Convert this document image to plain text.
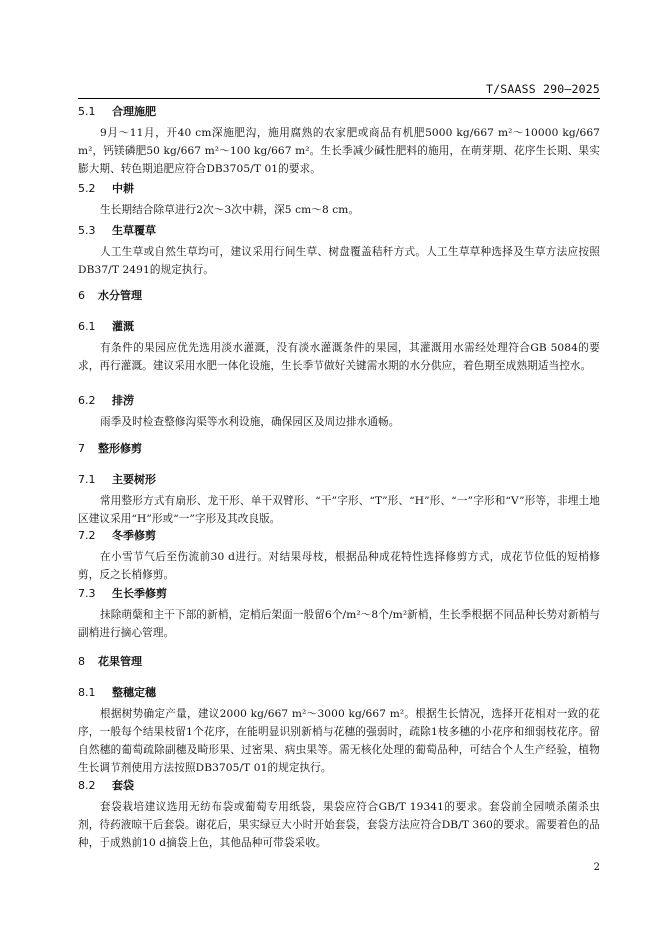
T/SAASS 290—2025
5.1 合理施肥
9月～11月，开40 cm深施肥沟，施用腐熟的农家肥或商品有机肥5000 kg/667 m²～10000 kg/667 m²，钙镁磷肥50 kg/667 m²～100 kg/667 m²。生长季减少碱性肥料的施用，在萌芽期、花序生长期、果实膨大期、转色期追肥应符合DB3705/T 01的要求。
5.2 中耕
生长期结合除草进行2次～3次中耕，深5 cm～8 cm。
5.3 生草覆草
人工生草或自然生草均可，建议采用行间生草、树盘覆盖秸秆方式。人工生草草种选择及生草方法应按照DB37/T 2491的规定执行。
6 水分管理
6.1 灌溉
有条件的果园应优先选用淡水灌溉，没有淡水灌溉条件的果园，其灌溉用水需经处理符合GB 5084的要求，再行灌溉。建议采用水肥一体化设施，生长季节做好关键需水期的水分供应，着色期至成熟期适当控水。
6.2 排涝
雨季及时检查整修沟渠等水利设施，确保园区及周边排水通畅。
7 整形修剪
7.1 主要树形
常用整形方式有扇形、龙干形、单干双臂形、“干”字形、“T”形、“H”形、“一”字形和“V”形等，非埋土地区建议采用“H”形或“一”字形及其改良版。
7.2 冬季修剪
在小雪节气后至伤流前30 d进行。对结果母枝，根据品种成花特性选择修剪方式，成花节位低的短梢修剪，反之长梢修剪。
7.3 生长季修剪
抹除萌蘖和主干下部的新梢，定梢后架面一般留6个/m²～8个/m²新梢，生长季根据不同品种长势对新梢与副梢进行摘心管理。
8 花果管理
8.1 整穗定穗
根据树势确定产量，建议2000 kg/667 m²～3000 kg/667 m²。根据生长情况，选择开花相对一致的花序，一般每个结果枝留1个花序，在能明显识别新梢与花穗的强弱时，疏除1枝多穗的小花序和细弱枝花序。留自然穗的葡萄疏除副穗及畸形果、过密果、病虫果等。需无核化处理的葡萄品种，可结合个人生产经验，植物生长调节剂使用方法按照DB3705/T 01的规定执行。
8.2 套袋
套袋栽培建议选用无纺布袋或葡萄专用纸袋，果袋应符合GB/T 19341的要求。套袋前全园喷杀菌杀虫剂，待药液晾干后套袋。谢花后，果实绿豆大小时开始套袋，套袋方法应符合DB/T 360的要求。需要着色的品种，于成熟前10 d摘袋上色，其他品种可带袋采收。
2
